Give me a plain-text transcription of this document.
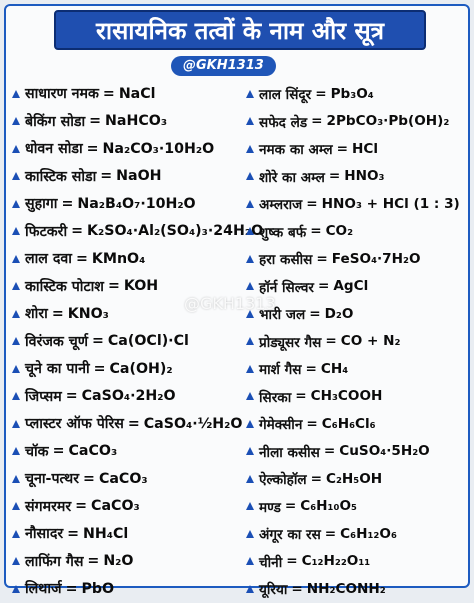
रासायनिक तत्वों के नाम और सूत्र
@GKH1313
@GKH1313
साधारण नमक = NaCl
बेकिंग सोडा = NaHCO₃
धोवन सोडा = Na₂CO₃·10H₂O
कास्टिक सोडा = NaOH
सुहागा = Na₂B₄O₇·10H₂O
फिटकरी = K₂SO₄·Al₂(SO₄)₃·24H₂O
लाल दवा = KMnO₄
कास्टिक पोटाश = KOH
शोरा = KNO₃
विरंजक चूर्ण = Ca(OCl)·Cl
चूने का पानी = Ca(OH)₂
जिप्सम = CaSO₄·2H₂O
प्लास्टर ऑफ पेरिस = CaSO₄·½H₂O
चॉक = CaCO₃
चूना-पत्थर = CaCO₃
संगमरमर = CaCO₃
नौसादर = NH₄Cl
लाफिंग गैस = N₂O
लिथार्ज = PbO
लाल सिंदूर = Pb₃O₄
सफेद लेड = 2PbCO₃·Pb(OH)₂
नमक का अम्ल = HCl
शोरे का अम्ल = HNO₃
अम्लराज = HNO₃ + HCl (1 : 3)
शुष्क बर्फ = CO₂
हरा कसीस = FeSO₄·7H₂O
हॉर्न सिल्वर = AgCl
भारी जल = D₂O
प्रोड्यूसर गैस = CO + N₂
मार्श गैस = CH₄
सिरका = CH₃COOH
गेमेक्सीन = C₆H₆Cl₆
नीला कसीस = CuSO₄·5H₂O
ऐल्कोहॉल = C₂H₅OH
मण्ड = C₆H₁₀O₅
अंगूर का रस = C₆H₁₂O₆
चीनी = C₁₂H₂₂O₁₁
यूरिया = NH₂CONH₂
